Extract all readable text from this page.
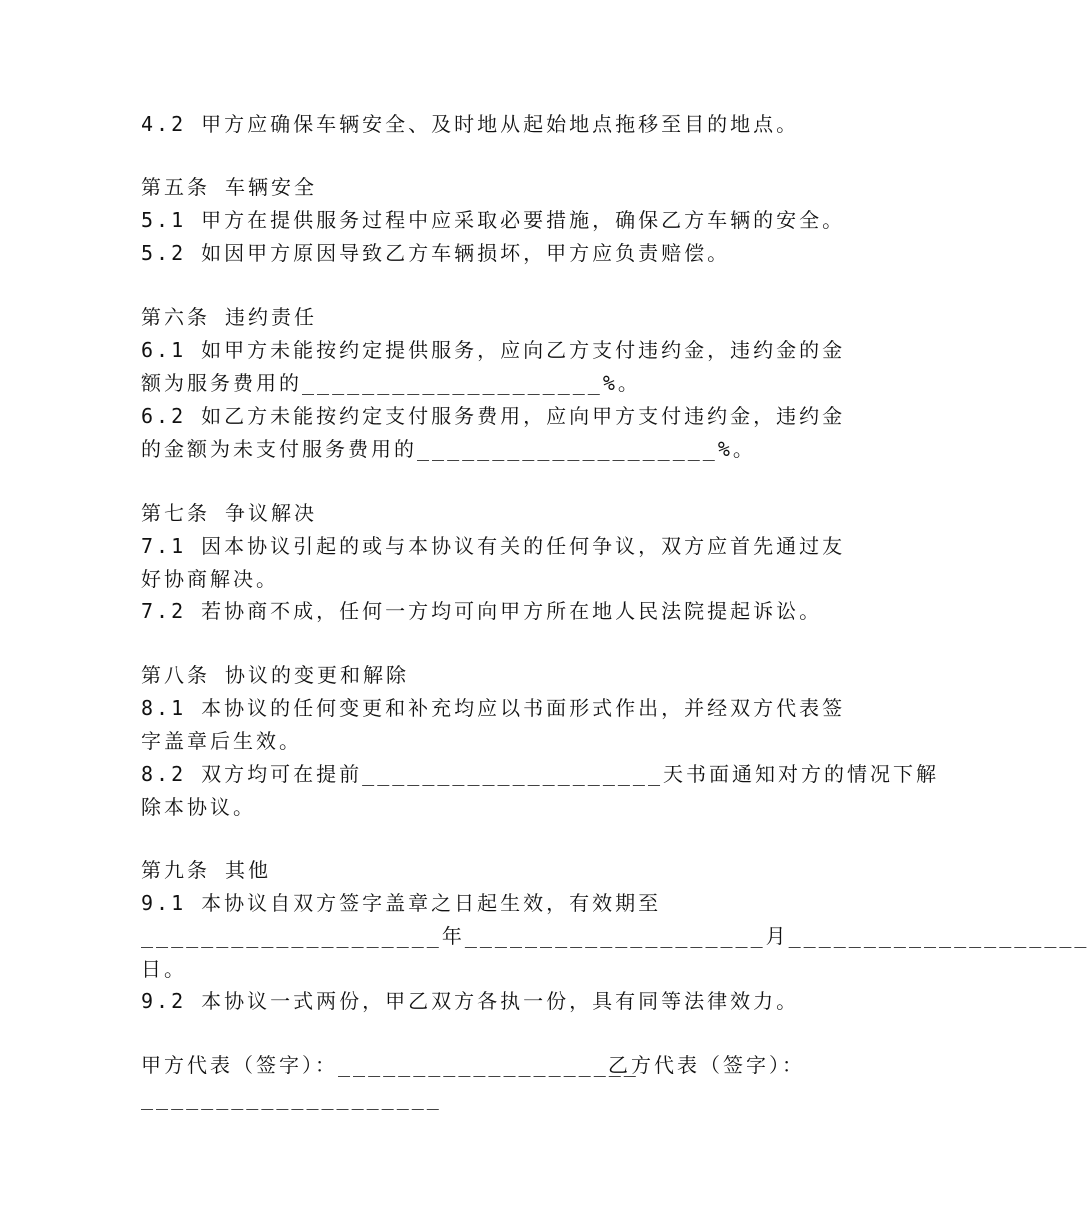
4.2 甲方应确保车辆安全、及时地从起始地点拖移至目的地点。
第五条 车辆安全
5.1 甲方在提供服务过程中应采取必要措施，确保乙方车辆的安全。
5.2 如因甲方原因导致乙方车辆损坏，甲方应负责赔偿。
第六条 违约责任
6.1 如甲方未能按约定提供服务，应向乙方支付违约金，违约金的金
额为服务费用的____________________%。
6.2 如乙方未能按约定支付服务费用，应向甲方支付违约金，违约金
的金额为未支付服务费用的____________________%。
第七条 争议解决
7.1 因本协议引起的或与本协议有关的任何争议，双方应首先通过友
好协商解决。
7.2 若协商不成，任何一方均可向甲方所在地人民法院提起诉讼。
第八条 协议的变更和解除
8.1 本协议的任何变更和补充均应以书面形式作出，并经双方代表签
字盖章后生效。
8.2 双方均可在提前____________________天书面通知对方的情况下解
除本协议。
第九条 其他
9.1 本协议自双方签字盖章之日起生效，有效期至
____________________年____________________月____________________
日。
9.2 本协议一式两份，甲乙双方各执一份，具有同等法律效力。
甲方代表（签字）：____________________
乙方代表（签字）：
____________________
